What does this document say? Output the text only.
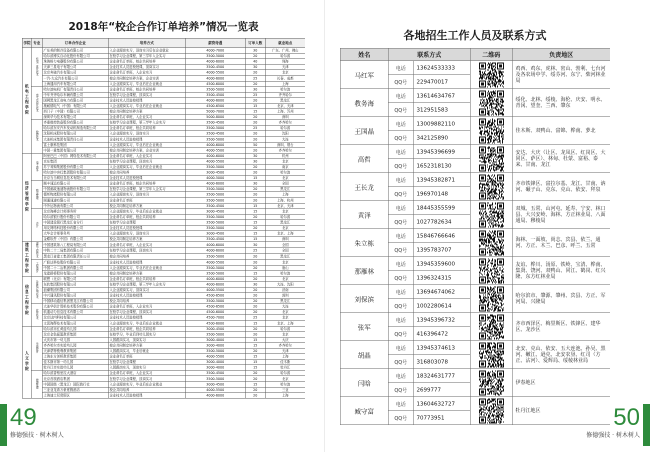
2018年“校企合作订单培养”情况一览表
学院	专业	订单合作企业	培养方式	薪资待遇	订单人数	就业地点
机电工程学院	机电一体化技术	广东美的制冷设备有限公司	入企业跟岗实习，顶岗实习后在企业就业	4000-7000	30	广东、广州、佛山
		哈尔滨博实自动化股份有限公司	在校学习企业课程，第三学年入企实习	3500-5000	20	哈尔滨
		珠海格力电器股份有限公司	企业命名订单班，校企共同培养	4000-6000	40	珠海
		天津三星电子有限公司	企业技术人员进校授课，顶岗实习	3500-4500	30	天津
		北京奔驰汽车有限公司	企业命名订单班，入企业实习	4000-5500	20	北京
		一汽-大众汽车有限公司	校企共同制定培养方案，企业实训	4000-6000	25	长春、成都
		上海通用汽车有限公司	入企业跟岗实习，毕业后在企业就业	4500-6000	20	上海
	电气自动化技术	哈尔滨电机厂有限责任公司	企业命名订单班，校企共同培养	3500-5000	30	哈尔滨
		中车齐齐哈尔车辆有限公司	在校学习企业课程，顶岗实习	3500-4500	25	齐齐哈尔
		国网黑龙江省电力有限公司	企业技术人员进校授课	4000-6000	20	黑龙江
		施耐德电气（中国）有限公司	入企业跟岗实习，毕业后在企业就业	4500-6500	15	北京、天津
		西门子（中国）有限公司	校企共同制定培养方案	5000-7000	15	上海、苏州
		深圳华为技术有限公司	企业命名订单班，入企业实习	5000-8000	20	深圳
	数控技术	齐重数控装备股份有限公司	在校学习企业课程，第三学年入企实习	3500-4500	20	齐齐哈尔
		哈尔滨东安汽车发动机制造有限公司	企业命名订单班，校企共同培养	3500-5000	25	哈尔滨
		沈阳机床股份有限公司	入企业跟岗实习，顶岗实习	3500-4500	20	沈阳
		大连机床集团有限责任公司	企业技术人员进校授课	3500-5000	20	大连
		富士康科技集团	入企业跟岗实习，毕业后在企业就业	4000-6000	50	深圳、烟台
		中国一重集团有限公司	校企共同制定培养方案，企业实训	4000-5500	20	齐齐哈尔
经济管理学院	电子商务	阿里巴巴（中国）网络技术有限公司	企业命名订单班，入企业实习	4000-6000	30	杭州
		京东集团	在校学习企业课程，顶岗实习	4000-5500	30	北京
		苏宁易购集团股份有限公司	入企业跟岗实习，毕业后在企业就业	3500-5000	20	南京
		哈尔滨中央红集团股份有限公司	校企共同培养	3000-4500	20	哈尔滨
		北京当当网信息技术有限公司	企业技术人员进校授课	4000-5000	15	北京
	物流管理	顺丰速运有限公司	企业命名订单班，校企共同培养	4000-6000	30	全国
		中国邮政速递物流股份有限公司	在校学习企业课程，第三学年入企实习	3500-5000	20	黑龙江
		德邦物流股份有限公司	入企业跟岗实习，顶岗实习	3500-5000	20	上海
		圆通速递有限公司	企业命名订单班	3500-5000	20	上海、杭州
		中外运物流有限公司	校企共同制定培养方案	3500-4500	15	北京、天津
	会计	北京海峰会计师事务所	入企业跟岗实习，毕业后在企业就业	3000-4500	15	北京
		哈尔滨银行股份有限公司	企业命名订单班，校企共同培养	3500-5000	20	哈尔滨
		中国建设银行黑龙江省分行	在校学习企业课程	3500-5000	15	黑龙江
		用友网络科技股份有限公司	企业技术人员进校授课	3500-5000	20	北京
		大华会计师事务所	入企业跟岗实习，顶岗实习	3000-4500	15	北京、上海
		金蝶软件（中国）有限公司	校企共同制定培养方案	3500-4500	15	深圳
建筑工程学院	建筑工程技术	中国建筑第八工程局有限公司	企业命名订单班，入企业实习	4000-6000	30	全国
		中铁二十二局集团有限公司	在校学习企业课程，顶岗实习	4000-6000	25	全国
		黑龙江省建工集团有限责任公司	校企共同培养	3500-5000	20	黑龙江
	工程造价	广联达科技股份有限公司	企业技术人员进校授课	4000-5500	20	北京
		中国二十二冶集团有限公司	入企业跟岗实习，毕业后在企业就业	3500-5000	20	唐山
		龙建路桥股份有限公司	校企共同制定培养方案	3500-5000	15	哈尔滨
信息工程学院	计算机应用技术	联想（北京）有限公司	企业命名订单班，校企共同培养	4000-6000	20	北京
		东软集团股份有限公司	在校学习企业课程，第三学年入企实习	4000-6000	30	大连、沈阳
		浪潮集团有限公司	入企业跟岗实习，顶岗实习	4000-5500	20	济南
		中兴通讯股份有限公司	企业技术人员进校授课	4500-6500	20	深圳
		中国移动通信集团黑龙江有限公司	校企共同培养	3500-5000	20	黑龙江
	软件技术	大连华信计算机技术股份有限公司	企业命名订单班，入企业实习	4500-6500	20	大连
		软通动力信息技术有限公司	在校学习企业课程，顶岗实习	4500-6000	20	北京
		北京达内科技有限公司	企业技术人员进校授课	4500-7000	25	北京
		文思海辉技术有限公司	入企业跟岗实习，毕业后在企业就业	4500-6000	15	北京、上海
人文学院	学前教育	哈尔滨市红黄蓝幼儿园	企业命名订单班，校企共同培养	3000-4500	20	哈尔滨
		北京金色摇篮教育集团	在校学习，毕业后到幼儿园实习	3500-5000	20	北京
		大庆市第一幼儿园	入园跟岗实习，顶岗实习	3000-4000	15	大庆
		齐齐哈尔市实验幼儿园	校企共同制定培养方案	3000-4000	15	齐齐哈尔
		天津蒙特梭利教育集团	入园跟岗实习，毕业后就业	3500-5000	20	天津
		上海东方剑桥教育集团	企业命名订单班	4000-5500	15	上海
		佳木斯市第一幼儿园	在校学习企业课程	3000-4000	15	佳木斯
		牡丹江市实验幼儿园	入园跟岗实习，顶岗实习	3000-4000	15	牡丹江
	旅游管理	哈尔滨香格里拉大酒店	企业命名订单班，入企业实习	3500-4500	20	哈尔滨
		北京首旅酒店集团	在校学习企业课程，顶岗实习	3500-5000	20	北京
		中国国旅（黑龙江）国际旅行社	入企业跟岗实习，毕业后在企业就业	3000-4500	15	哈尔滨
		三亚亚龙湾万豪度假酒店	校企共同培养	4000-5500	20	三亚
		上海迪士尼度假区	企业技术人员进校授课	4000-6000	20	上海
49
修德强技 · 树木树人
各地招生工作人员及联系方式
姓名	联系方式		二维码	负责地区
马红军	电话	13624533333		鸡西、鸡东、虎林、密山、勃利、七台河及各农场中学、绥芬河、东宁、柴河林业局
	QQ号	229470017		
教务海	电话	13614634767		绥化、北林、绥棱、海伦、庆安、明水、青冈、望奎、兰西、肇东
	QQ号	312951583		
王国晶	电话	13009882110		佳木斯、双鸭山、富锦、桦南、萝北
	QQ号	342125890		
高哲	电话	13945396699		安达、大庆（让区、龙凤区、红岗区、大同区、萨区）、林甸、杜蒙、富裕、泰来、甘南、龙江
	QQ号	1652318130		
王长龙	电话	13945382871		齐市铁锋区、富拉尔基、龙江、甘南、讷河、碾子山、克东、克山、依安、拜泉
	QQ号	196970148		
黄泽	电话	18445355599		双城、五常、山河屯、延寿、宁安、林口县、大兴安岭、海林、方正林业局、八面通局、穆棱局
	QQ号	1027782634		
朱立栋	电话	15846766646		海林、一面坡、尚志、宾县、依兰、通河、方正、木兰、巴彦、呼兰、五常
	QQ号	1395783707		
那雁林	电话	13945359600		友谊、桦川、汤原、铁岭、宝清、桦南、集贤、饶河、双鸭山、同江、鹤岗、红兴隆、东方红林业局
	QQ号	1396324315		
刘保滨	电话	13694674062		哈尔滨市、肇源、肇州、宾县、方正、军河局、兴隆局
	QQ号	1002280614		
张军	电话	13945396732		齐市西泽区、梅里斯区、铁锋区、建华区、龙沙区
	QQ号	416396472		
胡晶	电话	13945374613		北安、克山、依安、五大连池、孙吴、黑河、嫩江、逊克、北安农垦、红司（方正、沾河）、爱辉局、绥棱林业局
	QQ号	316803078		
闫晗	电话	18324631777		伊春地区
	QQ号	2699777		
臧守富	电话	13604632727		牡丹江地区
	QQ号	70773951			50
修德强技 · 树木树人
